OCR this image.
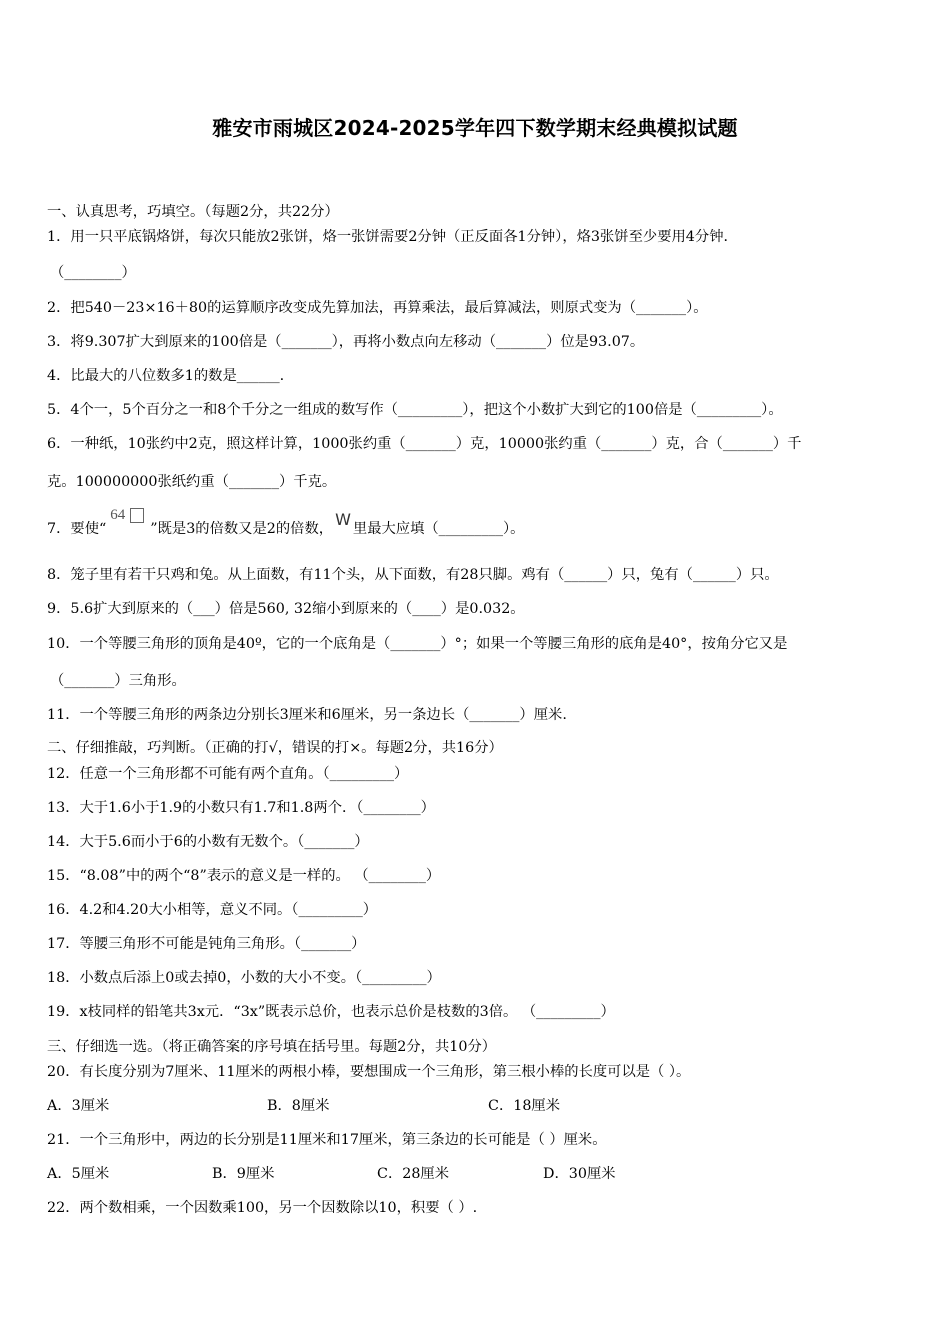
雅安市雨城区2024-2025学年四下数学期末经典模拟试题
一、认真思考，巧填空。（每题2分，共22分）
1．用一只平底锅烙饼，每次只能放2张饼，烙一张饼需要2分钟（正反面各1分钟），烙3张饼至少要用4分钟．
（________）
2．把540－23×16＋80的运算顺序改变成先算加法，再算乘法，最后算减法，则原式变为（_______）。
3．将9.307扩大到原来的100倍是（_______），再将小数点向左移动（_______）位是93.07。
4．比最大的八位数多1的数是______.
5．4个一，5个百分之一和8个千分之一组成的数写作（_________），把这个小数扩大到它的100倍是（_________）。
6．一种纸，10张约中2克，照这样计算，1000张约重（_______）克，10000张约重（_______）克，合（_______）千
克。100000000张纸约重（_______）千克。
7．要使“
64
”既是3的倍数又是2的倍数， W 里最大应填（_________）。
8．笼子里有若干只鸡和兔。从上面数，有11个头，从下面数，有28只脚。鸡有（______）只，兔有（______）只。
9．5.6扩大到原来的（___）倍是560, 32缩小到原来的（____）是0.032。
10．一个等腰三角形的顶角是40º，它的一个底角是（_______）°；如果一个等腰三角形的底角是40°，按角分它又是
（_______）三角形。
11．一个等腰三角形的两条边分别长3厘米和6厘米，另一条边长（_______）厘米.
二、仔细推敲，巧判断。（正确的打√，错误的打×。每题2分，共16分）
12．任意一个三角形都不可能有两个直角。（_________）
13．大于1.6小于1.9的小数只有1.7和1.8两个．（________）
14．大于5.6而小于6的小数有无数个。（_______）
15．“8.08”中的两个“8”表示的意义是一样的。 （________）
16．4.2和4.20大小相等，意义不同。（_________）
17．等腰三角形不可能是钝角三角形。（_______）
18．小数点后添上0或去掉0，小数的大小不变。（_________）
19．x枝同样的铅笔共3x元．“3x”既表示总价，也表示总价是枝数的3倍。 （_________）
三、仔细选一选。（将正确答案的序号填在括号里。每题2分，共10分）
20．有长度分别为7厘米、11厘米的两根小棒，要想围成一个三角形，第三根小棒的长度可以是（ ）。
A．3厘米	B．8厘米	C．18厘米
21．一个三角形中，两边的长分别是11厘米和17厘米，第三条边的长可能是（ ）厘米。
A．5厘米	B．9厘米	C．28厘米	D．30厘米
22．两个数相乘，一个因数乘100，另一个因数除以10，积要（ ）.
